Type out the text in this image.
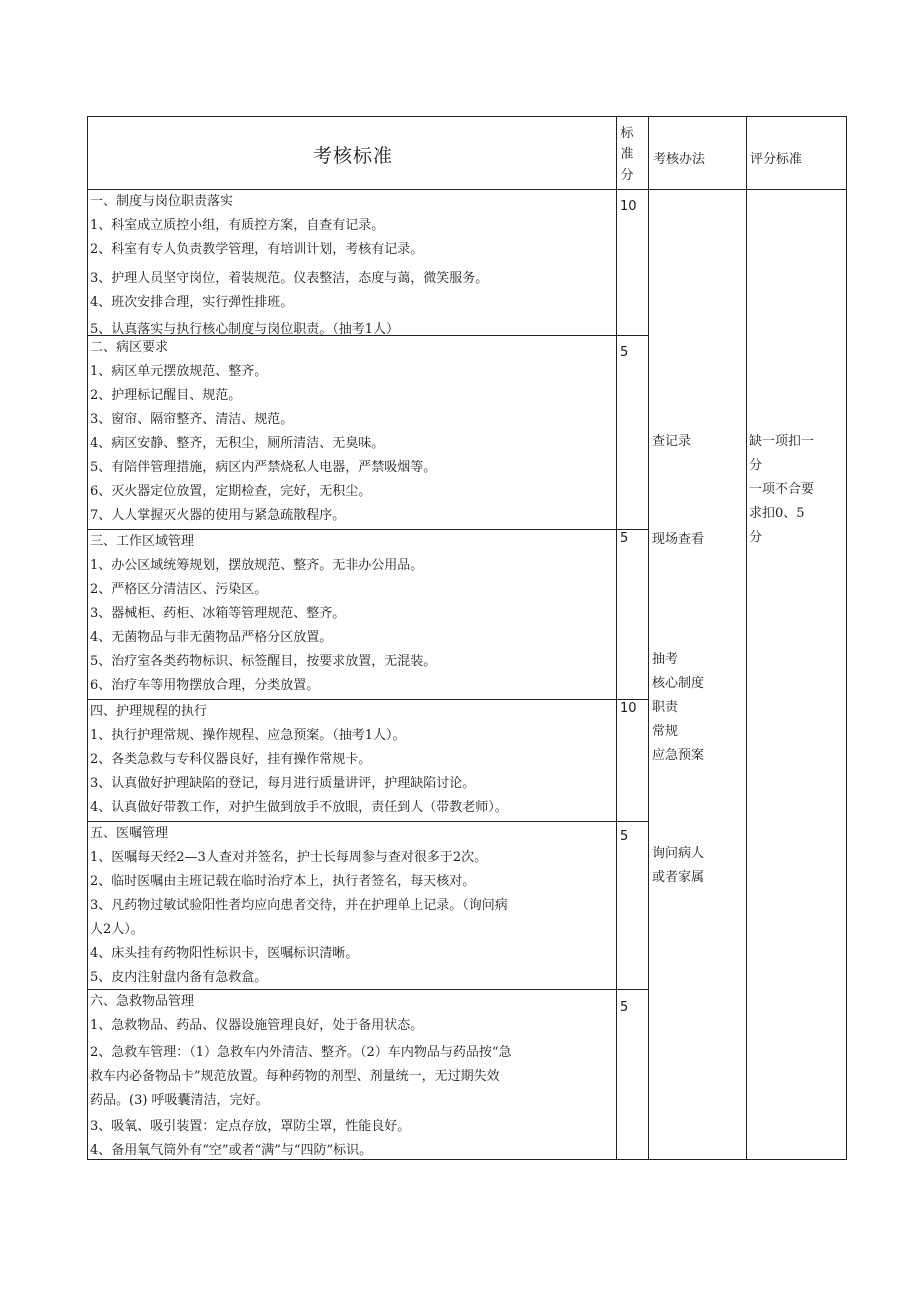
考核标准
标
准
分
考核办法	评分标准
一、制度与岗位职责落实
1、科室成立质控小组，有质控方案，自查有记录。
2、科室有专人负责教学管理，有培训计划，考核有记录。
3、护理人员坚守岗位，着装规范。仪表整洁，态度与蔼，微笑服务。
4、班次安排合理，实行弹性排班。
5、认真落实与执行核心制度与岗位职责。（抽考1人）
10
二、病区要求
1、病区单元摆放规范、整齐。
2、护理标记醒目、规范。
3、窗帘、隔帘整齐、清洁、规范。
4、病区安静、整齐，无积尘，厕所清洁、无臭味。
5、有陪伴管理措施，病区内严禁烧私人电器，严禁吸烟等。
6、灭火器定位放置，定期检查，完好，无积尘。
7、人人掌握灭火器的使用与紧急疏散程序。
5
三、工作区域管理
1、办公区域统筹规划，摆放规范、整齐。无非办公用品。
2、严格区分清洁区、污染区。
3、器械柜、药柜、冰箱等管理规范、整齐。
4、无菌物品与非无菌物品严格分区放置。
5、治疗室各类药物标识、标签醒目，按要求放置，无混装。
6、治疗车等用物摆放合理，分类放置。
5
四、护理规程的执行
1、执行护理常规、操作规程、应急预案。（抽考1人）。
2、各类急救与专科仪器良好，挂有操作常规卡。
3、认真做好护理缺陷的登记，每月进行质量讲评，护理缺陷讨论。
4、认真做好带教工作，对护生做到放手不放眼，责任到人（带教老师）。
10
五、医嘱管理
1、医嘱每天经2—3人查对并签名，护士长每周参与查对很多于2次。
2、临时医嘱由主班记载在临时治疗本上，执行者签名，每天核对。
3、凡药物过敏试验阳性者均应向患者交待，并在护理单上记录。（询问病
人2人）。
4、床头挂有药物阳性标识卡，医嘱标识清晰。
5、皮内注射盘内备有急救盒。
5
六、急救物品管理
1、急救物品、药品、仪器设施管理良好，处于备用状态。
2、急救车管理：（1）急救车内外清洁、整齐。（2）车内物品与药品按“急
救车内必备物品卡”规范放置。每种药物的剂型、剂量统一，无过期失效
药品。(3) 呼吸囊清洁，完好。
3、吸氧、吸引装置：定点存放，罩防尘罩，性能良好。
4、备用氧气筒外有“空”或者“满”与“四防”标识。
5
查记录
现场查看
抽考
核心制度
职责
常规
应急预案
询问病人
或者家属
缺一项扣一
分
一项不合要
求扣0、5
分
